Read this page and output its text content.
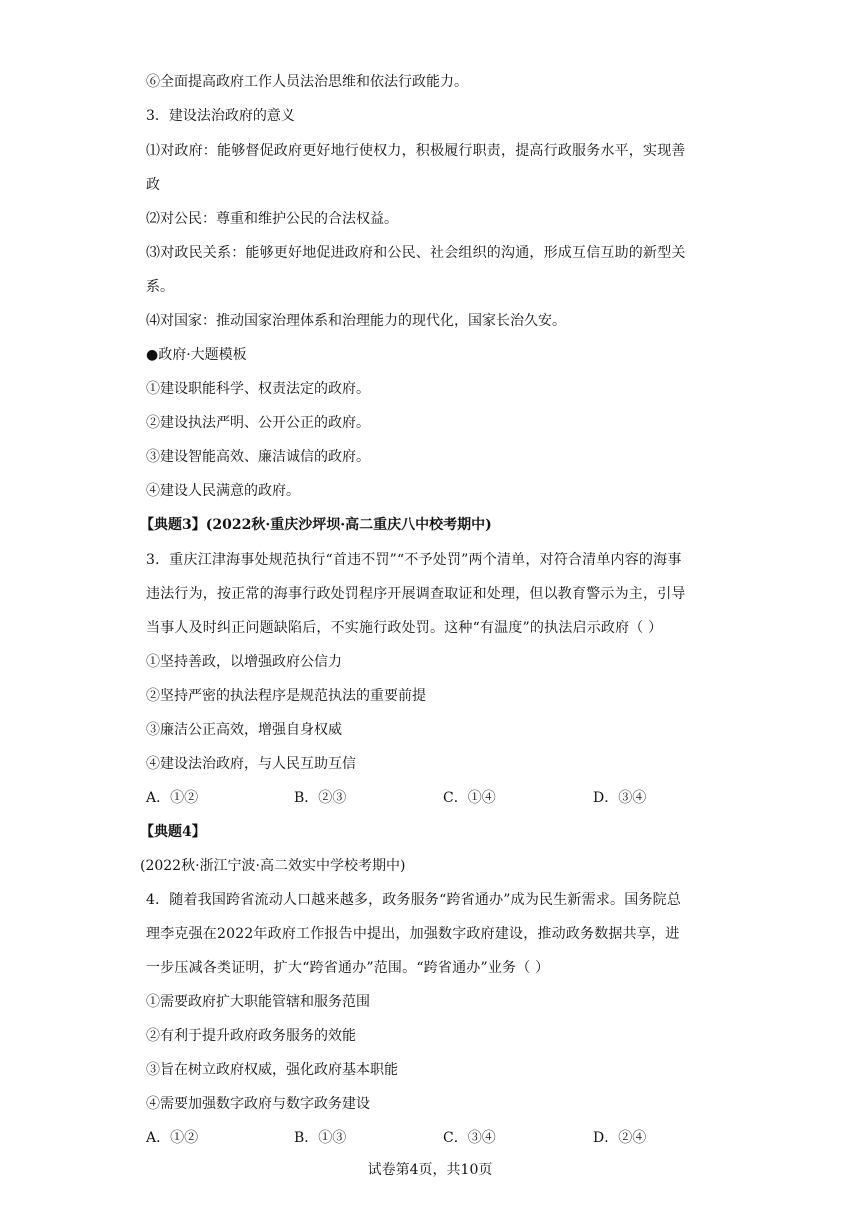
⑥全面提高政府工作人员法治思维和依法行政能力。
3．建设法治政府的意义
⑴对政府：能够督促政府更好地行使权力，积极履行职责，提高行政服务水平，实现善
政
⑵对公民：尊重和维护公民的合法权益。
⑶对政民关系：能够更好地促进政府和公民、社会组织的沟通，形成互信互助的新型关
系。
⑷对国家：推动国家治理体系和治理能力的现代化，国家长治久安。
●政府·大题模板
①建设职能科学、权责法定的政府。
②建设执法严明、公开公正的政府。
③建设智能高效、廉洁诚信的政府。
④建设人民满意的政府。
【典题3】(2022秋·重庆沙坪坝·高二重庆八中校考期中)
3．重庆江津海事处规范执行“首违不罚”“不予处罚”两个清单，对符合清单内容的海事
违法行为，按正常的海事行政处罚程序开展调查取证和处理，但以教育警示为主，引导
当事人及时纠正问题缺陷后，不实施行政处罚。这种“有温度”的执法启示政府（ ）
①坚持善政，以增强政府公信力
②坚持严密的执法程序是规范执法的重要前提
③廉洁公正高效，增强自身权威
④建设法治政府，与人民互助互信
A．①②	B．②③	C．①④	D．③④
【典题4】
(2022秋·浙江宁波·高二效实中学校考期中)
4．随着我国跨省流动人口越来越多，政务服务“跨省通办”成为民生新需求。国务院总
理李克强在2022年政府工作报告中提出，加强数字政府建设，推动政务数据共享，进
一步压减各类证明，扩大“跨省通办”范围。“跨省通办”业务（ ）
①需要政府扩大职能管辖和服务范围
②有利于提升政府政务服务的效能
③旨在树立政府权威，强化政府基本职能
④需要加强数字政府与数字政务建设
A．①②	B．①③	C．③④	D．②④
试卷第4页，共10页
